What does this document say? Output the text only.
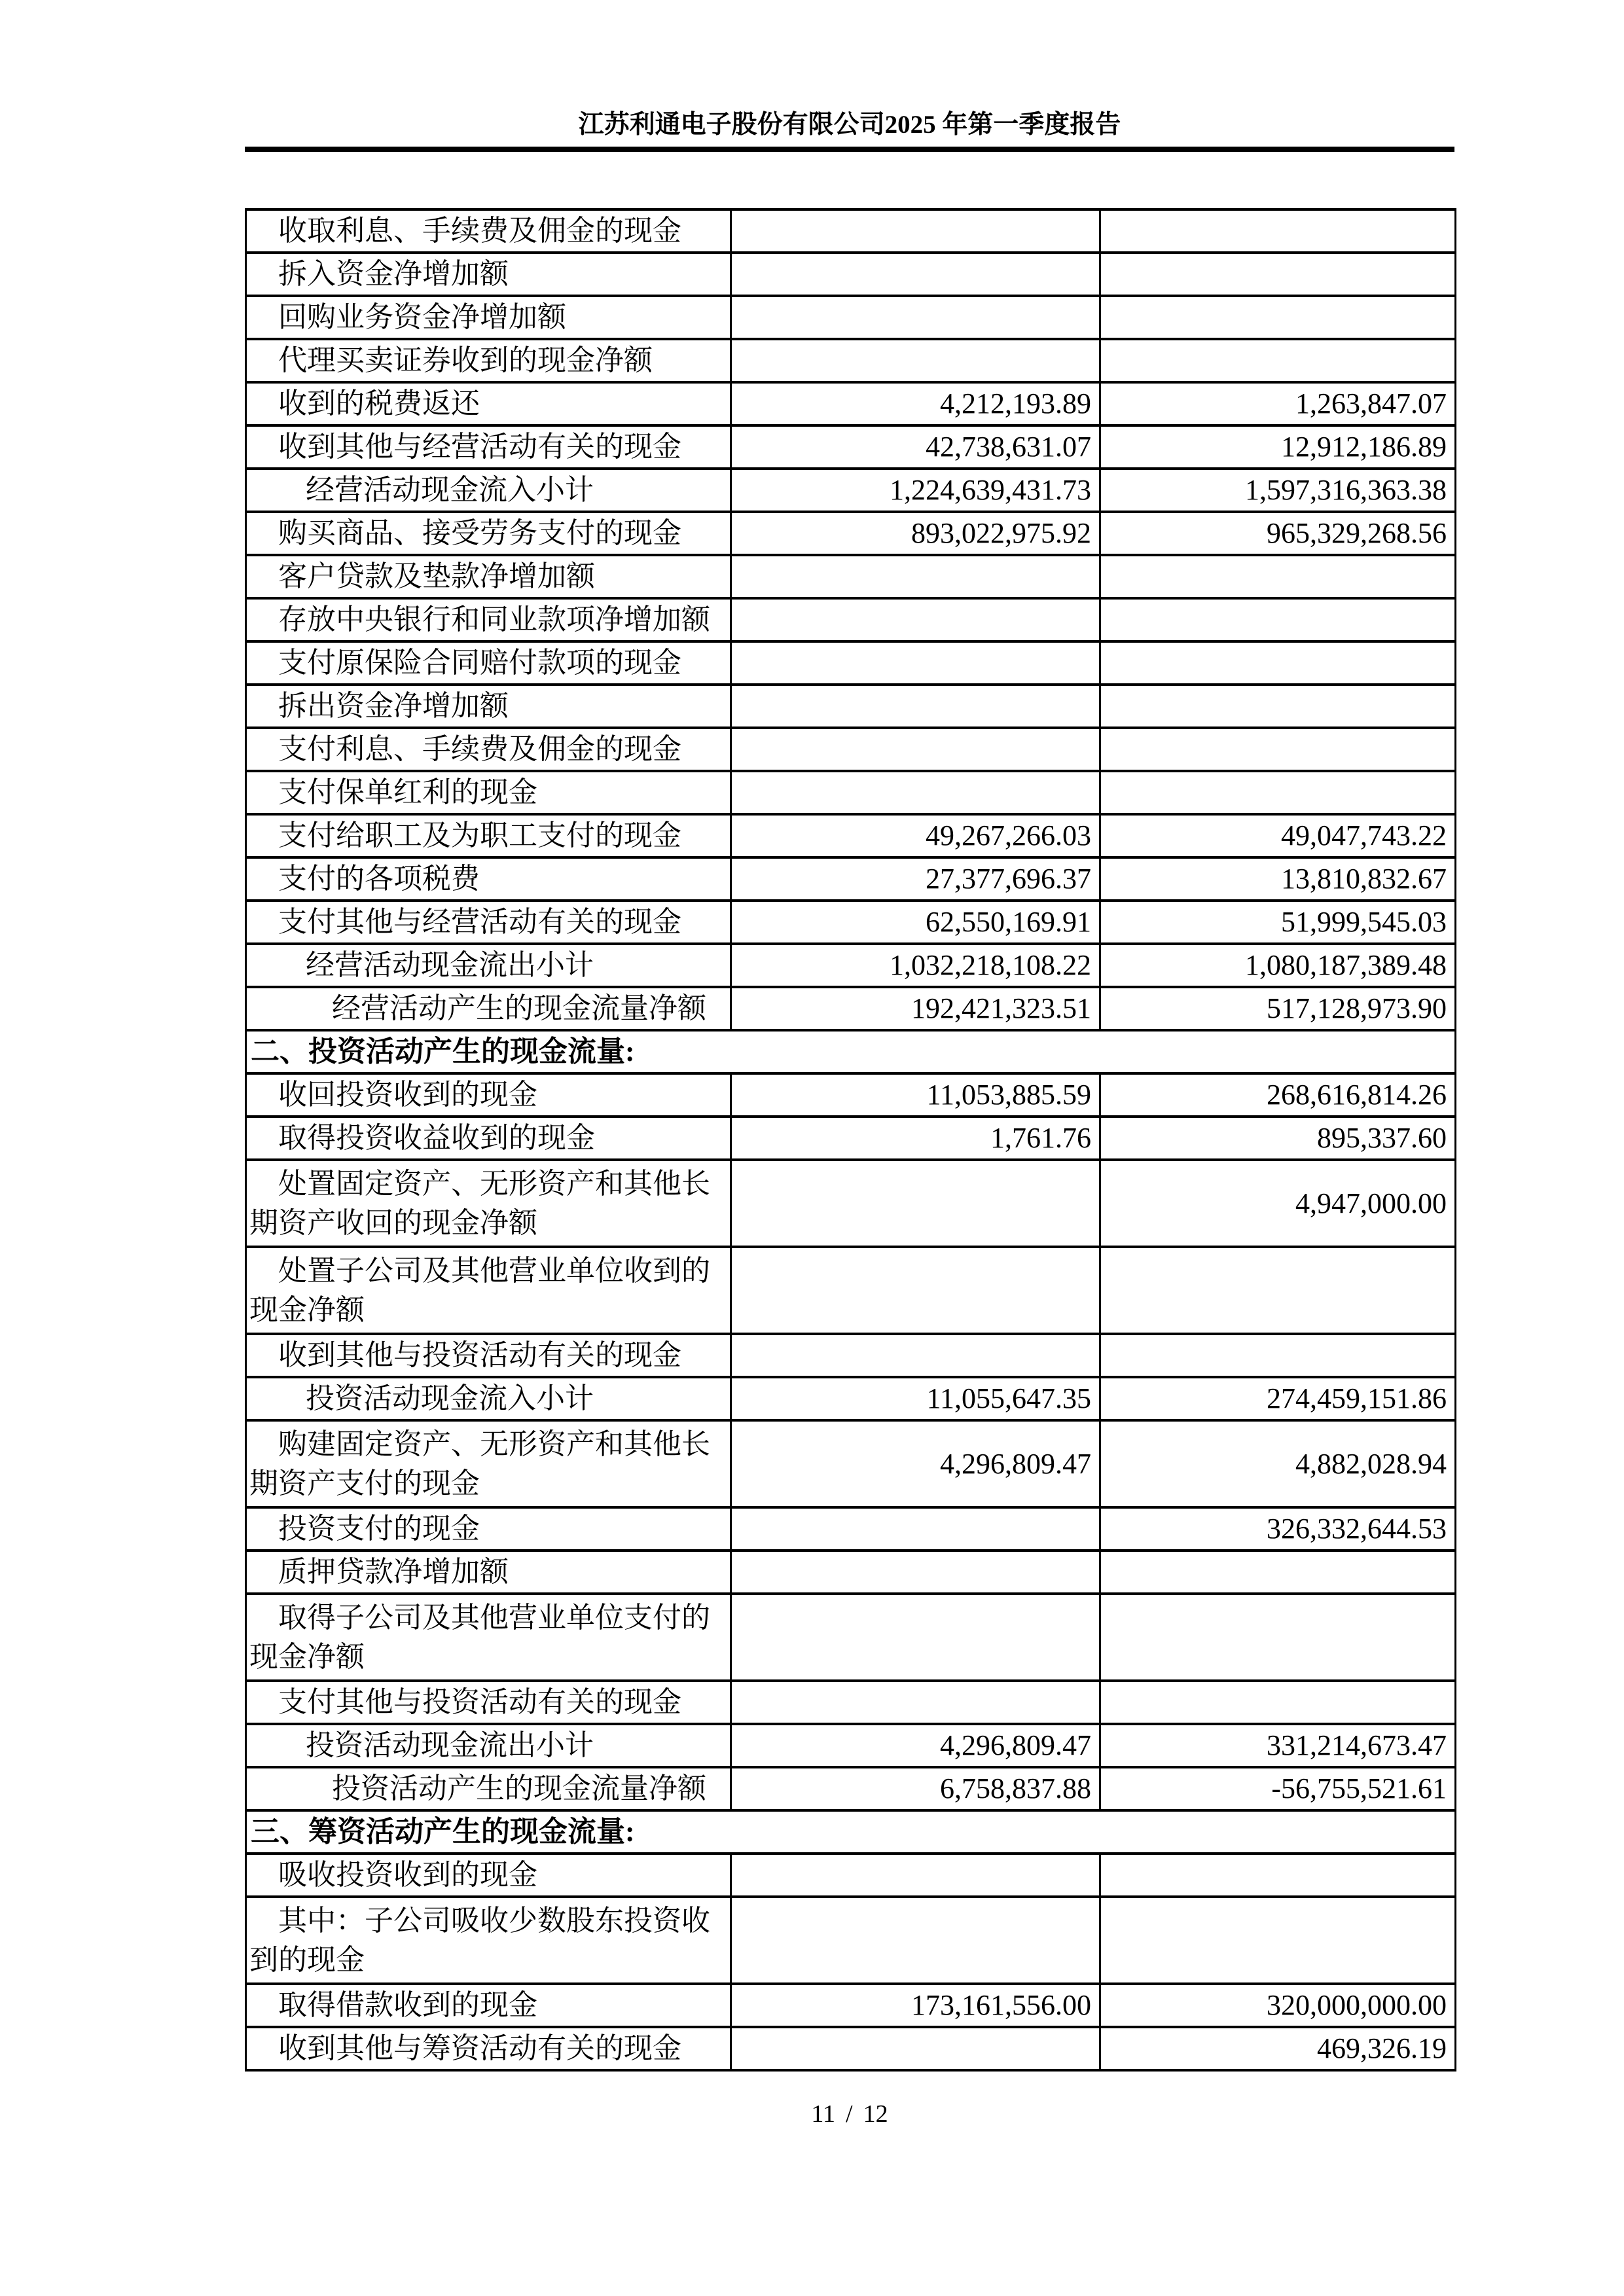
江苏利通电子股份有限公司2025 年第一季度报告
收取利息、手续费及佣金的现金		
拆入资金净增加额		
回购业务资金净增加额		
代理买卖证券收到的现金净额		
收到的税费返还	4,212,193.89	1,263,847.07
收到其他与经营活动有关的现金	42,738,631.07	12,912,186.89
经营活动现金流入小计	1,224,639,431.73	1,597,316,363.38
购买商品、接受劳务支付的现金	893,022,975.92	965,329,268.56
客户贷款及垫款净增加额		
存放中央银行和同业款项净增加额		
支付原保险合同赔付款项的现金		
拆出资金净增加额		
支付利息、手续费及佣金的现金		
支付保单红利的现金		
支付给职工及为职工支付的现金	49,267,266.03	49,047,743.22
支付的各项税费	27,377,696.37	13,810,832.67
支付其他与经营活动有关的现金	62,550,169.91	51,999,545.03
经营活动现金流出小计	1,032,218,108.22	1,080,187,389.48
经营活动产生的现金流量净额	192,421,323.51	517,128,973.90
二、投资活动产生的现金流量:		
收回投资收到的现金	11,053,885.59	268,616,814.26
取得投资收益收到的现金	1,761.76	895,337.60
处置固定资产、无形资产和其他长期资产收回的现金净额		4,947,000.00
处置子公司及其他营业单位收到的现金净额		
收到其他与投资活动有关的现金		
投资活动现金流入小计	11,055,647.35	274,459,151.86
购建固定资产、无形资产和其他长期资产支付的现金	4,296,809.47	4,882,028.94
投资支付的现金		326,332,644.53
质押贷款净增加额		
取得子公司及其他营业单位支付的现金净额		
支付其他与投资活动有关的现金		
投资活动现金流出小计	4,296,809.47	331,214,673.47
投资活动产生的现金流量净额	6,758,837.88	-56,755,521.61
三、筹资活动产生的现金流量:		
吸收投资收到的现金		
其中：子公司吸收少数股东投资收到的现金		
取得借款收到的现金	173,161,556.00	320,000,000.00
收到其他与筹资活动有关的现金		469,326.19
11 / 12
